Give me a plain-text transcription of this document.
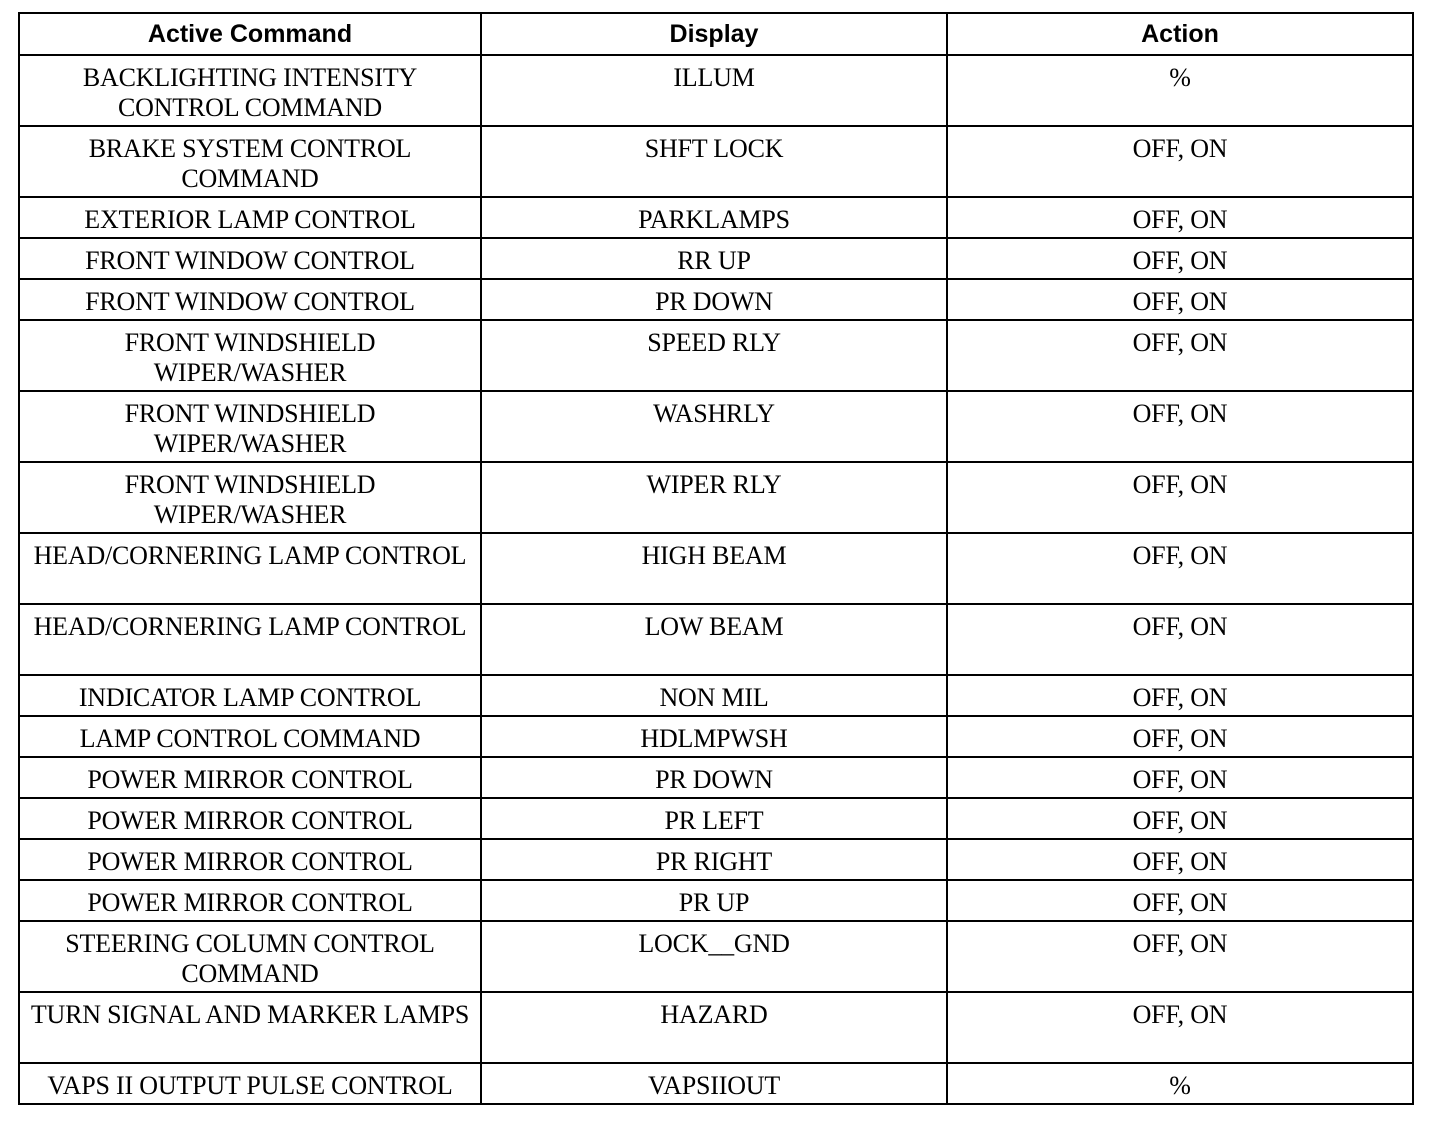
Active Command	Display	Action
BACKLIGHTING INTENSITY CONTROL COMMAND	ILLUM	%
BRAKE SYSTEM CONTROL COMMAND	SHFT LOCK	OFF, ON
EXTERIOR LAMP CONTROL	PARKLAMPS	OFF, ON
FRONT WINDOW CONTROL	RR UP	OFF, ON
FRONT WINDOW CONTROL	PR DOWN	OFF, ON
FRONT WINDSHIELD WIPER/WASHER	SPEED RLY	OFF, ON
FRONT WINDSHIELD WIPER/WASHER	WASHRLY	OFF, ON
FRONT WINDSHIELD WIPER/WASHER	WIPER RLY	OFF, ON
HEAD/CORNERING LAMP CONTROL	HIGH BEAM	OFF, ON
HEAD/CORNERING LAMP CONTROL	LOW BEAM	OFF, ON
INDICATOR LAMP CONTROL	NON MIL	OFF, ON
LAMP CONTROL COMMAND	HDLMPWSH	OFF, ON
POWER MIRROR CONTROL	PR DOWN	OFF, ON
POWER MIRROR CONTROL	PR LEFT	OFF, ON
POWER MIRROR CONTROL	PR RIGHT	OFF, ON
POWER MIRROR CONTROL	PR UP	OFF, ON
STEERING COLUMN CONTROL COMMAND	LOCK__GND	OFF, ON
TURN SIGNAL AND MARKER LAMPS	HAZARD	OFF, ON
VAPS II OUTPUT PULSE CONTROL	VAPSIIOUT	%
